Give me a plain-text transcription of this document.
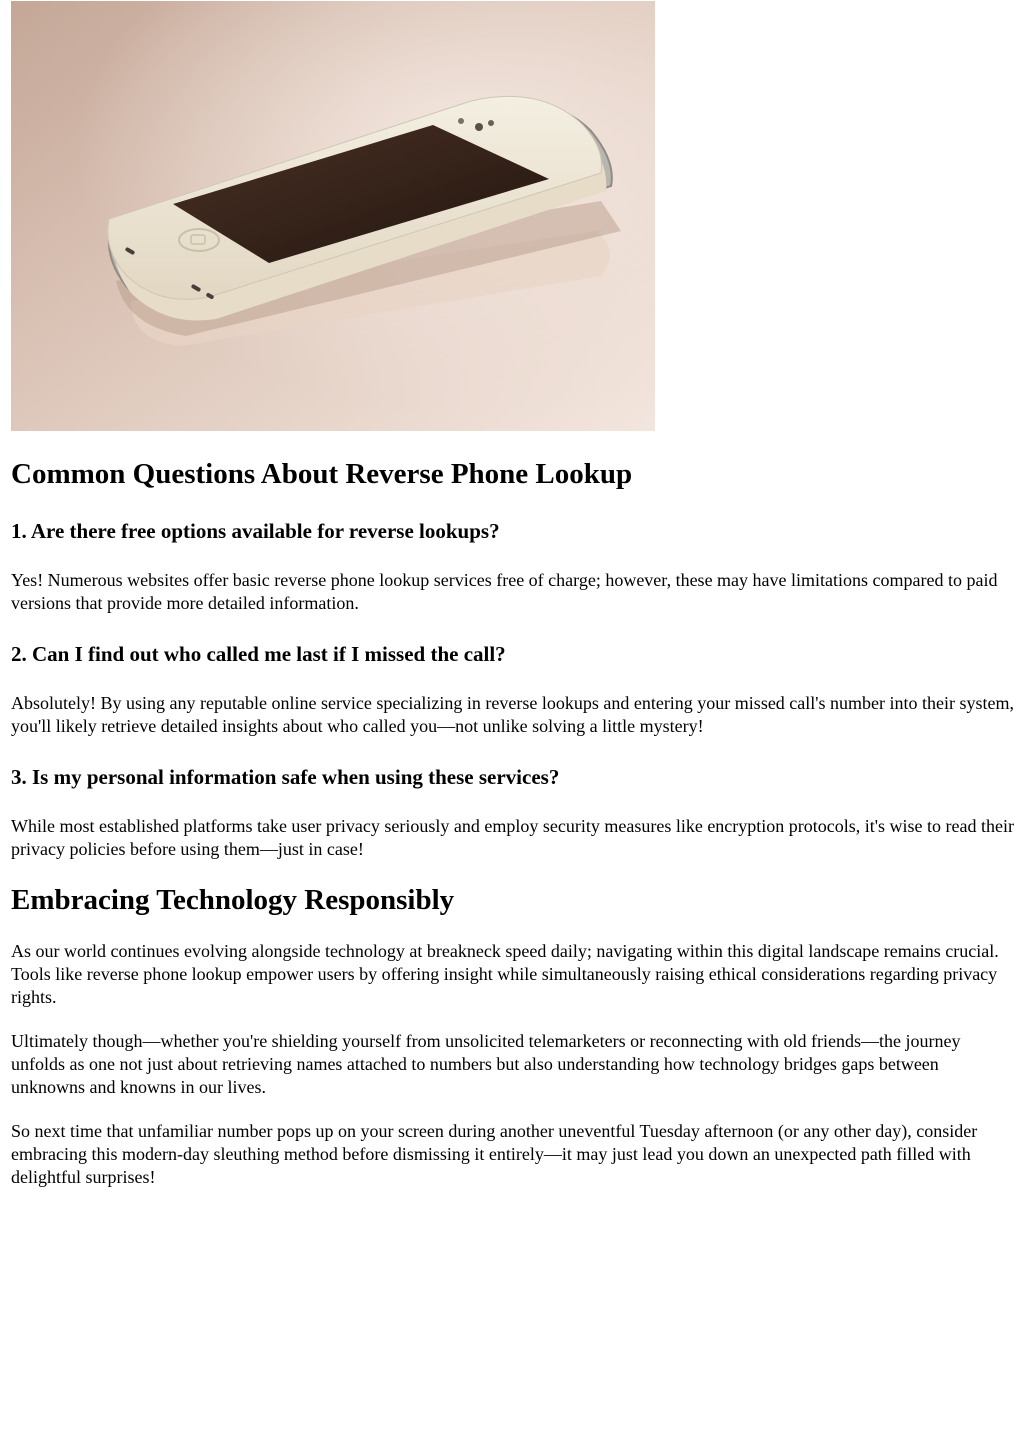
Common Questions About Reverse Phone Lookup
1. Are there free options available for reverse lookups?

Yes! Numerous websites offer basic reverse phone lookup services free of charge; however, these may have limitations compared to paid versions that provide more detailed information.

2. Can I find out who called me last if I missed the call?

Absolutely! By using any reputable online service specializing in reverse lookups and entering your missed call's number into their system, you'll likely retrieve detailed insights about who called you—not unlike solving a little mystery!

3. Is my personal information safe when using these services?

While most established platforms take user privacy seriously and employ security measures like encryption protocols, it's wise to read their privacy policies before using them—just in case!

Embracing Technology Responsibly

As our world continues evolving alongside technology at breakneck speed daily; navigating within this digital landscape remains crucial. Tools like reverse phone lookup empower users by offering insight while simultaneously raising ethical considerations regarding privacy rights.

Ultimately though—whether you're shielding yourself from unsolicited telemarketers or reconnecting with old friends—the journey unfolds as one not just about retrieving names attached to numbers but also understanding how technology bridges gaps between unknowns and knowns in our lives.

So next time that unfamiliar number pops up on your screen during another uneventful Tuesday afternoon (or any other day), consider embracing this modern-day sleuthing method before dismissing it entirely—it may just lead you down an unexpected path filled with delightful surprises!
